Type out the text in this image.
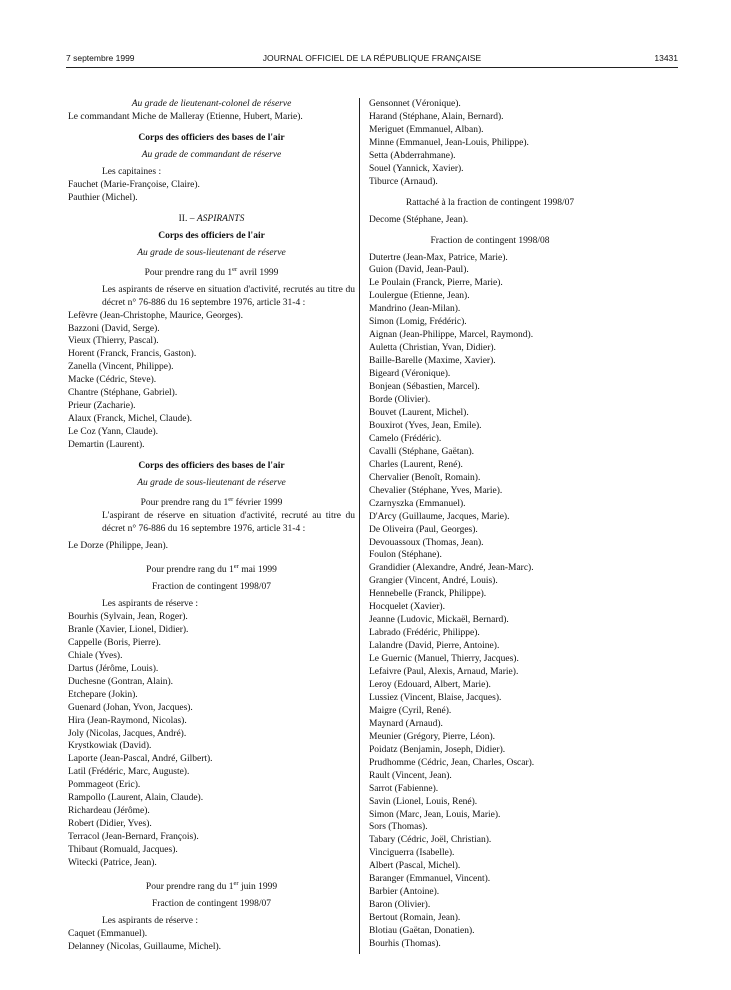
7 septembre 1999	JOURNAL OFFICIEL DE LA RÉPUBLIQUE FRANÇAISE	13431
Au grade de lieutenant-colonel de réserve
Le commandant Miche de Malleray (Etienne, Hubert, Marie).
Corps des officiers des bases de l'air
Au grade de commandant de réserve
Les capitaines :
Fauchet (Marie-Françoise, Claire).
Pauthier (Michel).
II. – ASPIRANTS
Corps des officiers de l'air
Au grade de sous-lieutenant de réserve
Pour prendre rang du 1er avril 1999
Les aspirants de réserve en situation d'activité, recrutés au titre du décret n° 76-886 du 16 septembre 1976, article 31-4 :
Lefèvre (Jean-Christophe, Maurice, Georges).
Bazzoni (David, Serge).
Vieux (Thierry, Pascal).
Horent (Franck, Francis, Gaston).
Zanella (Vincent, Philippe).
Macke (Cédric, Steve).
Chantre (Stéphane, Gabriel).
Prieur (Zacharie).
Alaux (Franck, Michel, Claude).
Le Coz (Yann, Claude).
Demartin (Laurent).
Corps des officiers des bases de l'air
Au grade de sous-lieutenant de réserve
Pour prendre rang du 1er février 1999
L'aspirant de réserve en situation d'activité, recruté au titre du décret n° 76-886 du 16 septembre 1976, article 31-4 :
Le Dorze (Philippe, Jean).
Pour prendre rang du 1er mai 1999
Fraction de contingent 1998/07
Les aspirants de réserve :
Bourhis (Sylvain, Jean, Roger).
Branle (Xavier, Lionel, Didier).
Cappelle (Boris, Pierre).
Chiale (Yves).
Dartus (Jérôme, Louis).
Duchesne (Gontran, Alain).
Etchepare (Jokin).
Guenard (Johan, Yvon, Jacques).
Hira (Jean-Raymond, Nicolas).
Joly (Nicolas, Jacques, André).
Krystkowiak (David).
Laporte (Jean-Pascal, André, Gilbert).
Latil (Frédéric, Marc, Auguste).
Pommageot (Eric).
Rampollo (Laurent, Alain, Claude).
Richardeau (Jérôme).
Robert (Didier, Yves).
Terracol (Jean-Bernard, François).
Thibaut (Romuald, Jacques).
Witecki (Patrice, Jean).
Pour prendre rang du 1er juin 1999
Fraction de contingent 1998/07
Les aspirants de réserve :
Caquet (Emmanuel).
Delanney (Nicolas, Guillaume, Michel).
Gensonnet (Véronique).
Harand (Stéphane, Alain, Bernard).
Meriguet (Emmanuel, Alban).
Minne (Emmanuel, Jean-Louis, Philippe).
Setta (Abderrahmane).
Souel (Yannick, Xavier).
Tiburce (Arnaud).
Rattaché à la fraction de contingent 1998/07
Decome (Stéphane, Jean).
Fraction de contingent 1998/08
Dutertre (Jean-Max, Patrice, Marie).
Guion (David, Jean-Paul).
Le Poulain (Franck, Pierre, Marie).
Loulergue (Etienne, Jean).
Mandrino (Jean-Milan).
Simon (Lomig, Frédéric).
Aignan (Jean-Philippe, Marcel, Raymond).
Auletta (Christian, Yvan, Didier).
Baille-Barelle (Maxime, Xavier).
Bigeard (Véronique).
Bonjean (Sébastien, Marcel).
Borde (Olivier).
Bouvet (Laurent, Michel).
Bouxirot (Yves, Jean, Emile).
Camelo (Frédéric).
Cavalli (Stéphane, Gaëtan).
Charles (Laurent, René).
Chervalier (Benoît, Romain).
Chevalier (Stéphane, Yves, Marie).
Czarnyszka (Emmanuel).
D'Arcy (Guillaume, Jacques, Marie).
De Oliveira (Paul, Georges).
Devouassoux (Thomas, Jean).
Foulon (Stéphane).
Grandidier (Alexandre, André, Jean-Marc).
Grangier (Vincent, André, Louis).
Hennebelle (Franck, Philippe).
Hocquelet (Xavier).
Jeanne (Ludovic, Mickaël, Bernard).
Labrado (Frédéric, Philippe).
Lalandre (David, Pierre, Antoine).
Le Guernic (Manuel, Thierry, Jacques).
Lefaivre (Paul, Alexis, Arnaud, Marie).
Leroy (Edouard, Albert, Marie).
Lussiez (Vincent, Blaise, Jacques).
Maigre (Cyril, René).
Maynard (Arnaud).
Meunier (Grégory, Pierre, Léon).
Poidatz (Benjamin, Joseph, Didier).
Prudhomme (Cédric, Jean, Charles, Oscar).
Rault (Vincent, Jean).
Sarrot (Fabienne).
Savin (Lionel, Louis, René).
Simon (Marc, Jean, Louis, Marie).
Sors (Thomas).
Tabary (Cédric, Joël, Christian).
Vinciguerra (Isabelle).
Albert (Pascal, Michel).
Baranger (Emmanuel, Vincent).
Barbier (Antoine).
Baron (Olivier).
Bertout (Romain, Jean).
Blotiau (Gaëtan, Donatien).
Bourhis (Thomas).
